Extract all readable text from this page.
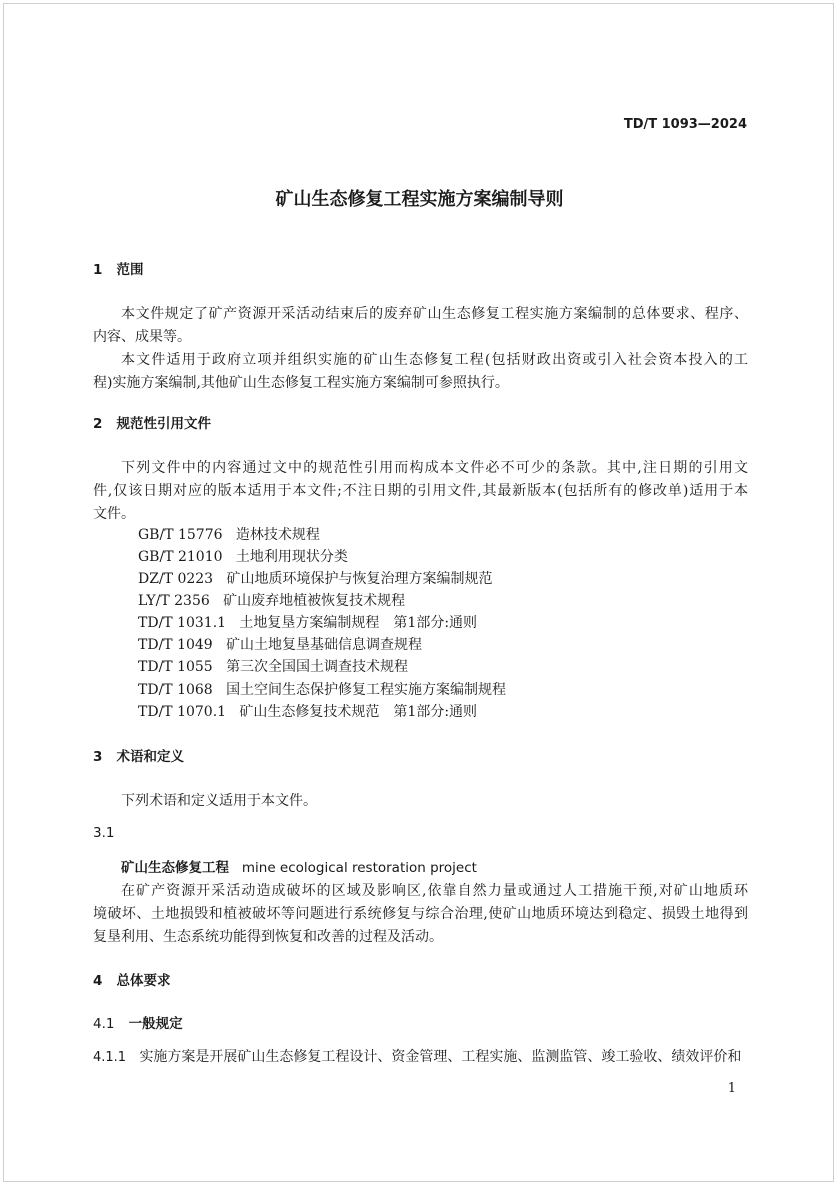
TD/T 1093—2024
矿山生态修复工程实施方案编制导则
1 范围
本文件规定了矿产资源开采活动结束后的废弃矿山生态修复工程实施方案编制的总体要求、程序、
内容、成果等。
本文件适用于政府立项并组织实施的矿山生态修复工程(包括财政出资或引入社会资本投入的工
程)实施方案编制,其他矿山生态修复工程实施方案编制可参照执行。
2 规范性引用文件
下列文件中的内容通过文中的规范性引用而构成本文件必不可少的条款。其中,注日期的引用文
件,仅该日期对应的版本适用于本文件;不注日期的引用文件,其最新版本(包括所有的修改单)适用于本
文件。
GB/T 15776 造林技术规程
GB/T 21010 土地利用现状分类
DZ/T 0223 矿山地质环境保护与恢复治理方案编制规范
LY/T 2356 矿山废弃地植被恢复技术规程
TD/T 1031.1 土地复垦方案编制规程　第1部分:通则
TD/T 1049 矿山土地复垦基础信息调查规程
TD/T 1055 第三次全国国土调查技术规程
TD/T 1068 国土空间生态保护修复工程实施方案编制规程
TD/T 1070.1 矿山生态修复技术规范　第1部分:通则
3 术语和定义
下列术语和定义适用于本文件。
3.1
矿山生态修复工程 mine ecological restoration project
在矿产资源开采活动造成破坏的区域及影响区,依靠自然力量或通过人工措施干预,对矿山地质环
境破坏、土地损毁和植被破坏等问题进行系统修复与综合治理,使矿山地质环境达到稳定、损毁土地得到
复垦利用、生态系统功能得到恢复和改善的过程及活动。
4 总体要求
4.1 一般规定
4.1.1 实施方案是开展矿山生态修复工程设计、资金管理、工程实施、监测监管、竣工验收、绩效评价和
1
